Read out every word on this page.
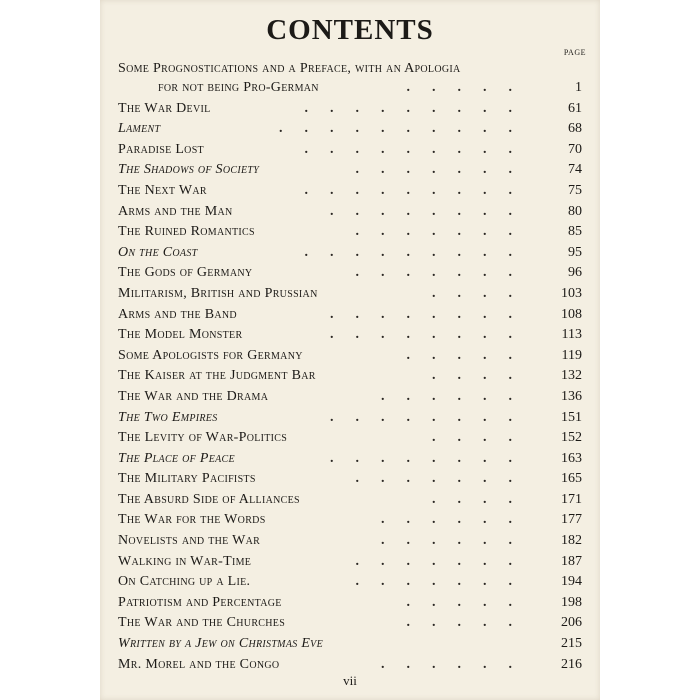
CONTENTS
PAGE
Some Prognostications and a Preface, with an Apologia
for not being Pro-German	.....	1
The War Devil	.........	61
Lament	..........	68
Paradise Lost	.........	70
The Shadows of Society	.......	74
The Next War	.........	75
Arms and the Man	........	80
The Ruined Romantics	.......	85
On the Coast	.........	95
The Gods of Germany	.......	96
Militarism, British and Prussian	....	103
Arms and the Band	........	108
The Model Monster	........	113
Some Apologists for Germany	.....	119
The Kaiser at the Judgment Bar	....	132
The War and the Drama	......	136
The Two Empires	........	151
The Levity of War-Politics	....	152
The Place of Peace	........	163
The Military Pacifists	.......	165
The Absurd Side of Alliances	....	171
The War for the Words	......	177
Novelists and the War	......	182
Walking in War-Time	.......	187
On Catching up a Lie.	.......	194
Patriotism and Percentage	.....	198
The War and the Churches	.....	206
Written by a Jew on Christmas Eve	215
Mr. Morel and the Congo	......	216
vii
